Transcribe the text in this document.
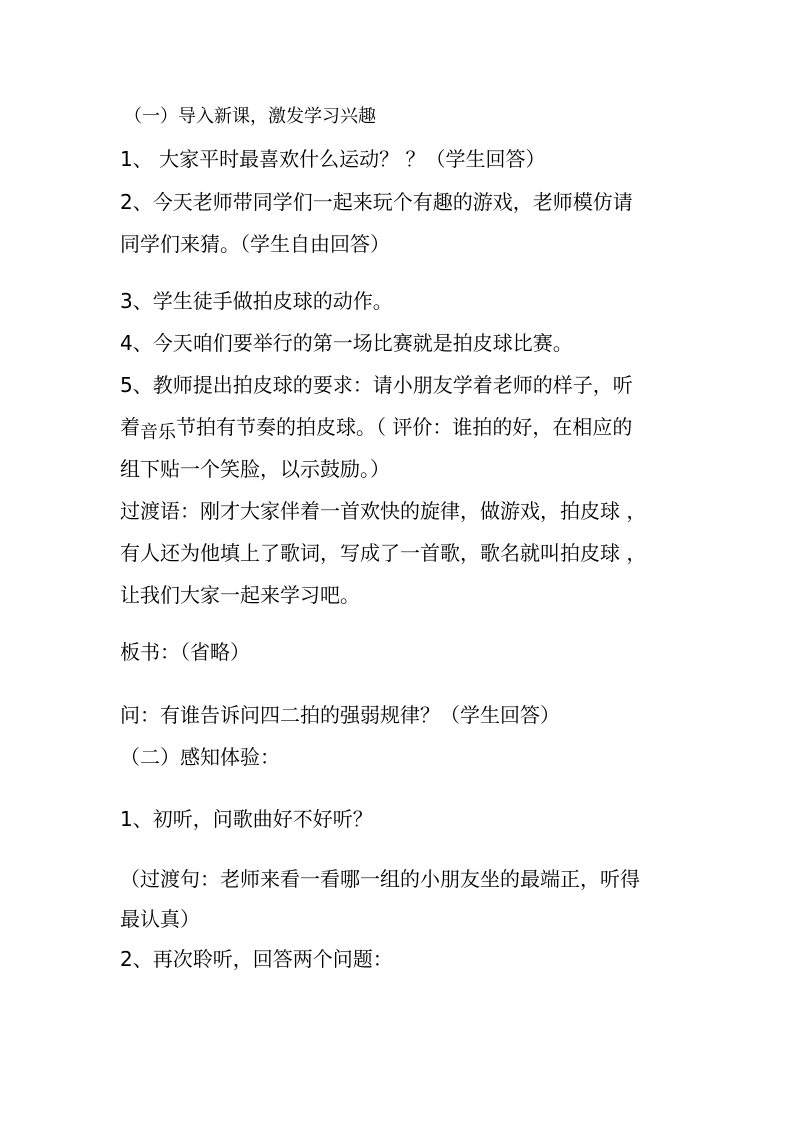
（一）导入新课，激发学习兴趣

1、 大家平时最喜欢什么运动？ ？（学生回答）

2、今天老师带同学们一起来玩个有趣的游戏，老师模仿请

同学们来猜。（学生自由回答）

3、学生徒手做拍皮球的动作。

4、今天咱们要举行的第一场比赛就是拍皮球比赛。

5、教师提出拍皮球的要求：请小朋友学着老师的样子，听

着音乐节拍有节奏的拍皮球。（ 评价：谁拍的好，在相应的

组下贴一个笑脸，以示鼓励。）

过渡语：刚才大家伴着一首欢快的旋律，做游戏，拍皮球 ，

有人还为他填上了歌词，写成了一首歌，歌名就叫拍皮球 ，

让我们大家一起来学习吧。

板书：（省略）

问：有谁告诉问四二拍的强弱规律？（学生回答）

（二）感知体验：

1、初听，问歌曲好不好听？

（过渡句：老师来看一看哪一组的小朋友坐的最端正，听得

最认真）

2、再次聆听，回答两个问题：
